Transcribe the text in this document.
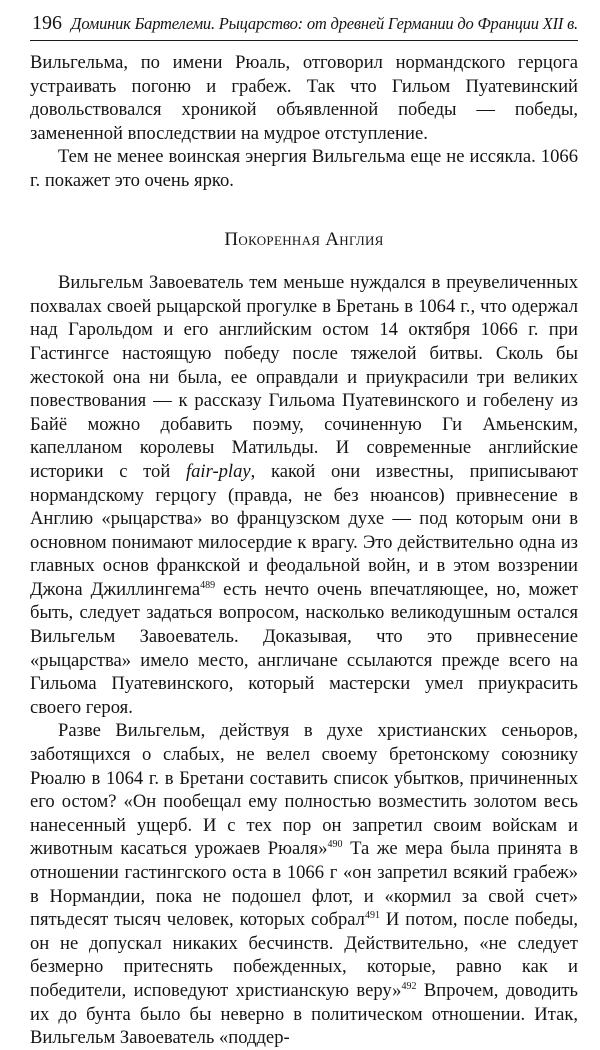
196 Доминик Бартелеми. Рыцарство: от древней Германии до Франции XII в.

Вильгельма, по имени Рюаль, отговорил нормандского герцога устраивать погоню и грабеж. Так что Гильом Пуатевинский довольствовался хроникой объявленной победы — победы, замененной впоследствии на мудрое отступление.

Тем не менее воинская энергия Вильгельма еще не иссякла. 1066 г. покажет это очень ярко.

Покоренная Англия

Вильгельм Завоеватель тем меньше нуждался в преувеличенных похвалах своей рыцарской прогулке в Бретань в 1064 г., что одержал над Гарольдом и его английским остом 14 октября 1066 г. при Гастингсе настоящую победу после тяжелой битвы. Сколь бы жестокой она ни была, ее оправдали и приукрасили три великих повествования — к рассказу Гильома Пуатевинского и гобелену из Байё можно добавить поэму, сочиненную Ги Амьенским, капелланом королевы Матильды. И современные английские историки с той fair-play, какой они известны, приписывают нормандскому герцогу (правда, не без нюансов) привнесение в Англию «рыцарства» во французском духе — под которым они в основном понимают милосердие к врагу. Это действительно одна из главных основ франкской и феодальной войн, и в этом воззрении Джона Джиллингема$^{489}$ есть нечто очень впечатляющее, но, может быть, следует задаться вопросом, насколько великодушным остался Вильгельм Завоеватель. Доказывая, что это привнесение «рыцарства» имело место, англичане ссылаются прежде всего на Гильома Пуатевинского, который мастерски умел приукрасить своего героя.

Разве Вильгельм, действуя в духе христианских сеньоров, заботящихся о слабых, не велел своему бретонскому союзнику Рюалю в 1064 г. в Бретани составить список убытков, причиненных его остом? «Он пообещал ему полностью возместить золотом весь нанесенный ущерб. И с тех пор он запретил своим войскам и животным касаться урожаев Рюаля»$^{490}$ Та же мера была принята в отношении гастингского оста в 1066 г «он запретил всякий грабеж» в Нормандии, пока не подошел флот, и «кормил за свой счет» пятьдесят тысяч человек, которых собрал$^{491}$ И потом, после победы, он не допускал никаких бесчинств. Действительно, «не следует безмерно притеснять побежденных, которые, равно как и победители, исповедуют христианскую веру»$^{492}$ Впрочем, доводить их до бунта было бы неверно в политическом отношении. Итак, Вильгельм Завоеватель «поддер-
